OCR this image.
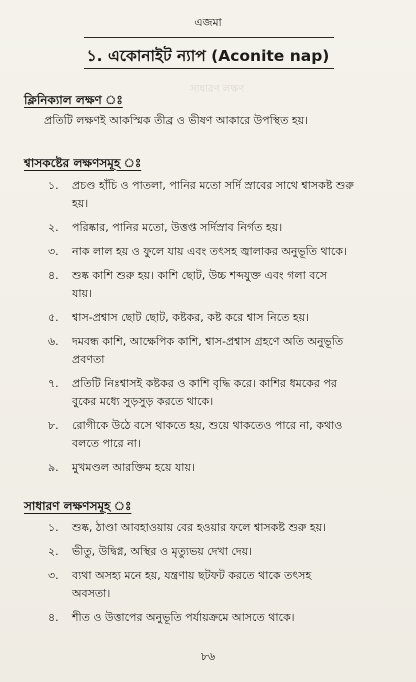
সাধারণ লক্ষণ
এজমা
১. একোনাইট ন্যাপ (Aconite nap)
ক্লিনিক্যাল লক্ষণ ঃ
প্রতিটি লক্ষণই আকস্মিক তীব্র ও ভীষণ আকারে উপস্থিত হয়।
শ্বাসকষ্টের লক্ষণসমূহ ঃ
১.	প্রচণ্ড হাঁচি ও পাতলা, পানির মতো সর্দি স্রাবের সাথে শ্বাসকষ্ট শুরু
হয়।
২.	পরিষ্কার, পানির মতো, উত্তপ্ত সর্দিস্রাব নির্গত হয়।
৩.	নাক লাল হয় ও ফুলে যায় এবং তৎসহ জ্বালাকর অনুভূতি থাকে।
৪.	শুষ্ক কাশি শুরু হয়। কাশি ছোট, উচ্চ শব্দযুক্ত এবং গলা বসে
যায়।
৫.	শ্বাস-প্রশ্বাস ছোট ছোট, কষ্টকর, কষ্ট করে শ্বাস নিতে হয়।
৬.	দমবন্ধ কাশি, আক্ষেপিক কাশি, শ্বাস-প্রশ্বাস গ্রহণে অতি অনুভূতি
প্রবণতা
৭.	প্রতিটি নিঃশ্বাসই কষ্টকর ও কাশি বৃদ্ধি করে। কাশির ধমকের পর
বুকের মধ্যে সুড়সুড় করতে থাকে।
৮.	রোগীকে উঠে বসে থাকতে হয়, শুয়ে থাকতেও পারে না, কথাও
বলতে পারে না।
৯.	মুখমণ্ডল আরক্তিম হয়ে যায়।
সাধারণ লক্ষণসমূহ ঃ
১.	শুষ্ক, ঠাণ্ডা আবহাওয়ায় বের হওয়ার ফলে শ্বাসকষ্ট শুরু হয়।
২.	ভীতু, উদ্বিগ্ন, অস্থির ও মৃত্যুভয় দেখা দেয়।
৩.	ব্যথা অসহ্য মনে হয়, যন্ত্রণায় ছটফট করতে থাকে তৎসহ
অবসতা।
৪.	শীত ও উত্তাপের অনুভূতি পর্যায়ক্রমে আসতে থাকে।
৮৬
